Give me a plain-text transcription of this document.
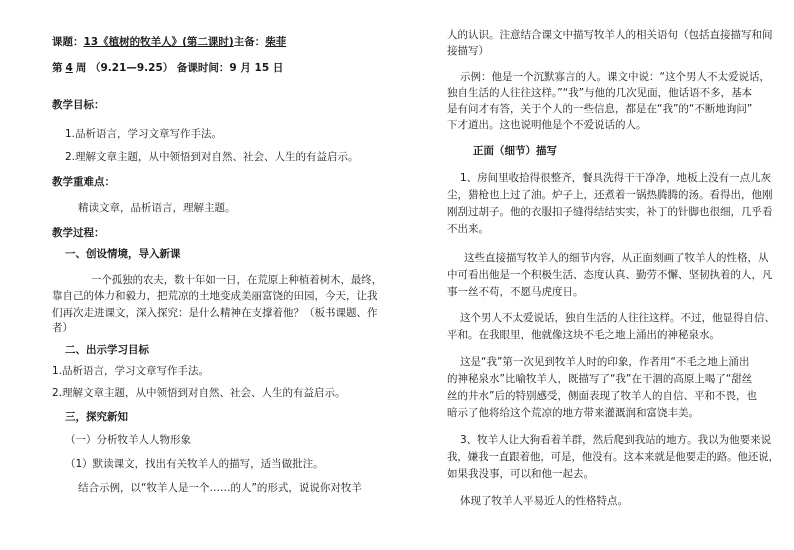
课题：13《植树的牧羊人》(第二课时)主备：柴菲
第 4 周 （9.21—9.25） 备课时间：9 月 15 日
教学目标：
1.品析语言，学习文章写作手法。
2.理解文章主题，从中领悟到对自然、社会、人生的有益启示。
教学重难点：
精读文章，品析语言，理解主题。
教学过程：
一、创设情境，导入新课
一个孤独的农夫，数十年如一日，在荒原上种植着树木，最终，
靠自己的体力和毅力，把荒凉的土地变成美丽富饶的田园，今天，让我
们再次走进课文，深入探究：是什么精神在支撑着他？（板书课题、作
者）
二、出示学习目标
1.品析语言，学习文章写作手法。
2.理解文章主题，从中领悟到对自然、社会、人生的有益启示。
三，探究新知
（一）分析牧羊人人物形象
（1）默读课文，找出有关牧羊人的描写，适当做批注。
结合示例，以“牧羊人是一个……的人”的形式，说说你对牧羊
人的认识。注意结合课文中描写牧羊人的相关语句（包括直接描写和间
接描写）
示例：他是一个沉默寡言的人。课文中说：“这个男人不太爱说话，
独自生活的人往往这样。”“我”与他的几次见面，他话语不多，基本
是有问才有答，关于个人的一些信息，都是在“我”的“不断地询问”
下才道出。这也说明他是个不爱说话的人。
正面（细节）描写
1、房间里收拾得很整齐，餐具洗得干干净净，地板上没有一点儿灰
尘，猎枪也上过了油。炉子上，还煮着一锅热腾腾的汤。看得出，他刚
刚刮过胡子。他的衣服扣子缝得结结实实，补丁的针脚也很细，几乎看
不出来。
这些直接描写牧羊人的细节内容，从正面刻画了牧羊人的性格，从
中可看出他是一个积极生活、态度认真、勤劳不懈、坚韧执着的人，凡
事一丝不苟，不愿马虎度日。
这个男人不太爱说话，独自生活的人往往这样。不过，他显得自信、
平和。在我眼里，他就像这块不毛之地上涌出的神秘泉水。
这是“我”第一次见到牧羊人时的印象，作者用“不毛之地上涌出
的神秘泉水”比喻牧羊人，既描写了“我”在干涸的高原上喝了“甜丝
丝的井水”后的特别感受，侧面表现了牧羊人的自信、平和不畏，也
暗示了他将给这个荒凉的地方带来灌溉润和富饶丰美。
3、牧羊人让大狗看着羊群，然后爬到我站的地方。我以为他要来说
我，嫌我一直跟着他，可是，他没有。这本来就是他要走的路。他还说，
如果我没事，可以和他一起去。
体现了牧羊人平易近人的性格特点。
